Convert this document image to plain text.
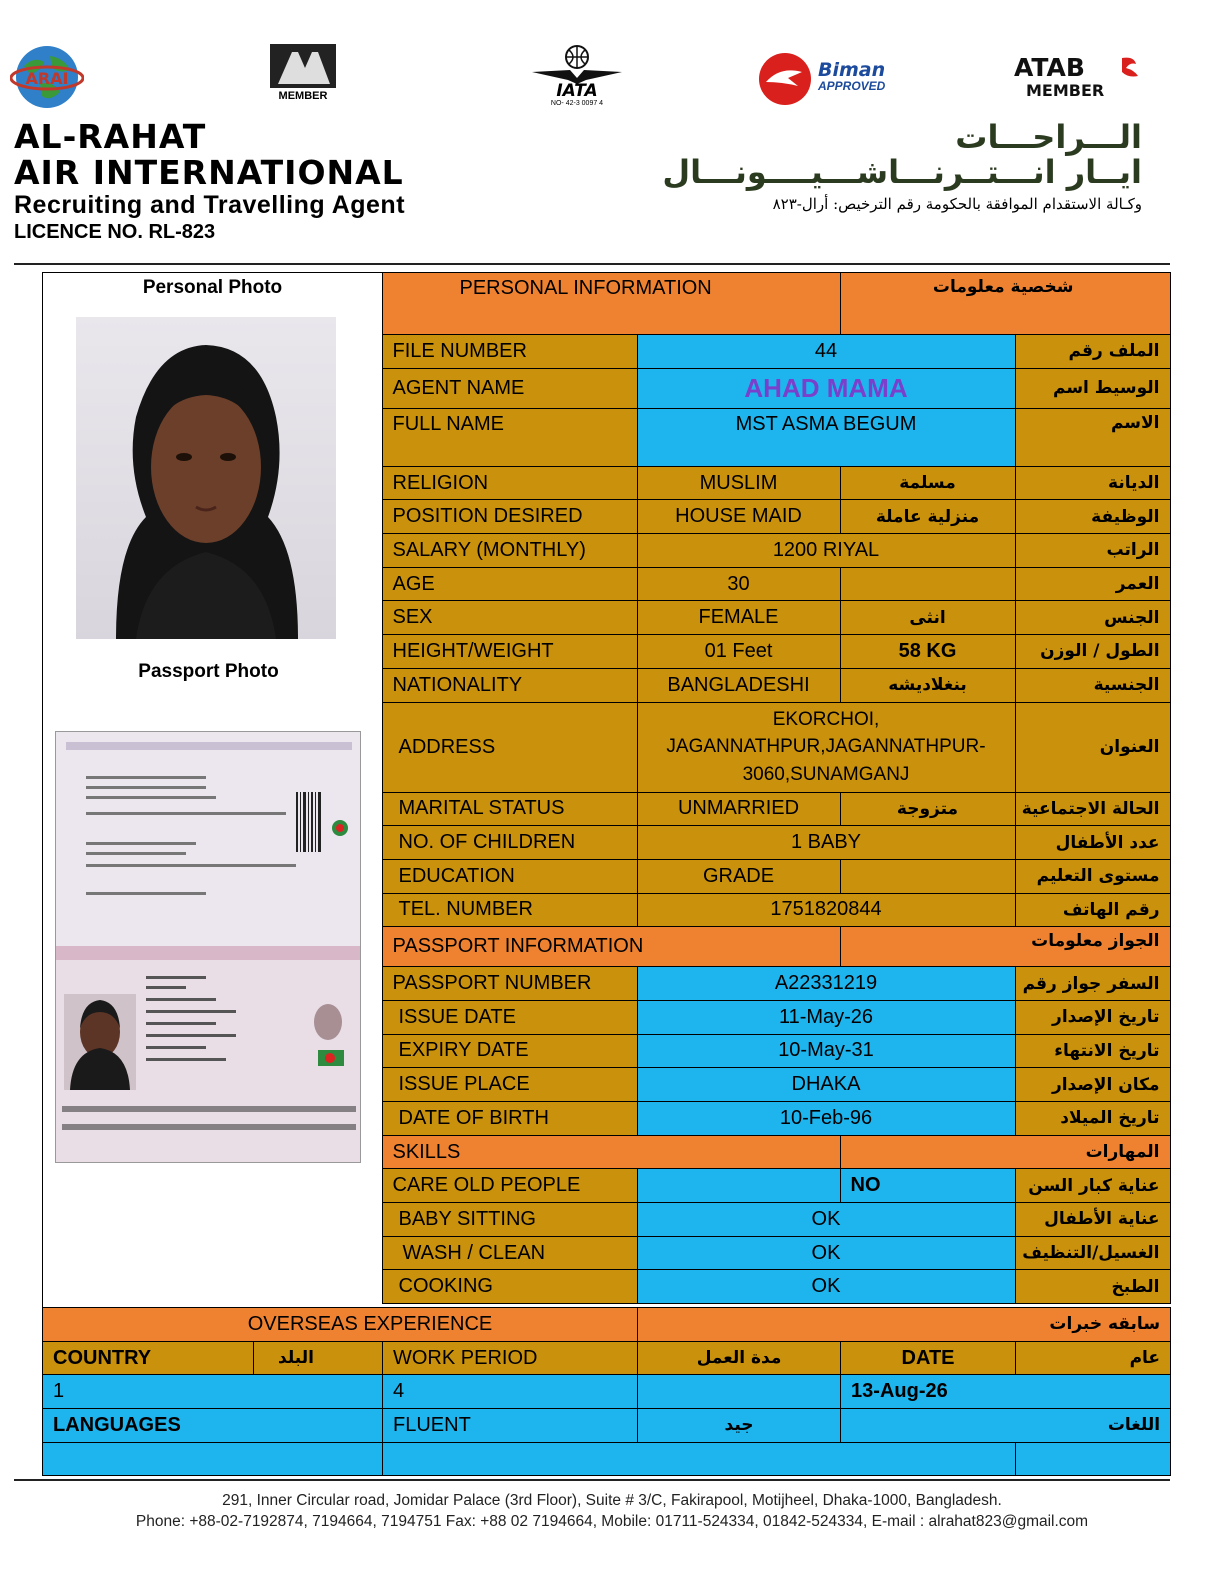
ARAI
MEMBER	IATA
NO- 42-3 0097 4
Biman
APPROVED
ATAB
MEMBER
AL-RAHAT
AIR INTERNATIONAL
Recruiting and Travelling Agent
LICENCE NO. RL-823
الـــراحـــات
ايــار انـــتــرنـــاشـــيــــونـــال
وكـالة الاستقدام الموافقة بالحكومة رقم الترخيص: أرال-٨٢٣
	PERSONAL INFORMATION		شخصية معلومات	
	FILE NUMBER	44		الملف رقم
	AGENT NAME	AHAD MAMA		الوسيط اسم
	FULL NAME	MST ASMA BEGUM		الاسم
	RELIGION	MUSLIM	مسلمة	الديانة
	POSITION DESIRED	HOUSE MAID	منزلية عاملة	الوظيفة
	SALARY (MONTHLY)	1200 RIYAL		الراتب
	AGE	30		العمر
	SEX	FEMALE	انثى	الجنس
	HEIGHT/WEIGHT	01 Feet	58 KG	الطول / الوزن
	NATIONALITY	BANGLADESHI	بنغلاديشه	الجنسية
	ADDRESS	EKORCHOI, JAGANNATHPUR,JAGANNATHPUR-3060,SUNAMGANJ		العنوان
	MARITAL STATUS	UNMARRIED	متزوجة	الحالة الاجتماعية
	NO. OF CHILDREN	1 BABY		عدد الأطفال
	EDUCATION	GRADE		مستوى التعليم
	TEL. NUMBER	1751820844		رقم الهاتف
	PASSPORT INFORMATION		الجواز معلومات	
	PASSPORT NUMBER	A22331219		السفر جواز رقم
	ISSUE DATE	11-May-26		تاريخ الإصدار
	EXPIRY DATE	10-May-31		تاريخ الانتهاء
	ISSUE PLACE	DHAKA		مكان الإصدار
	DATE OF BIRTH	10-Feb-96		تاريخ الميلاد
	SKILLS		المهارات	
	CARE OLD PEOPLE		NO	عناية كبار السن
	BABY SITTING	OK		عناية الأطفال
	WASH / CLEAN	OK		الغسيل/التنظيف
	COOKING	OK		الطبخ
OVERSEAS EXPERIENCE			سابقه خبرات		
COUNTRY	البلد	WORK PERIOD	مدة العمل	DATE	عام
1		4		13-Aug-26	
LANGUAGES		FLUENT	جيد	اللغات	

Personal Photo
Passport Photo
291, Inner Circular road, Jomidar Palace (3rd Floor), Suite # 3/C, Fakirapool, Motijheel, Dhaka-1000, Bangladesh.
Phone: +88-02-7192874, 7194664, 7194751 Fax: +88 02 7194664, Mobile: 01711-524334, 01842-524334, E-mail : alrahat823@gmail.com
